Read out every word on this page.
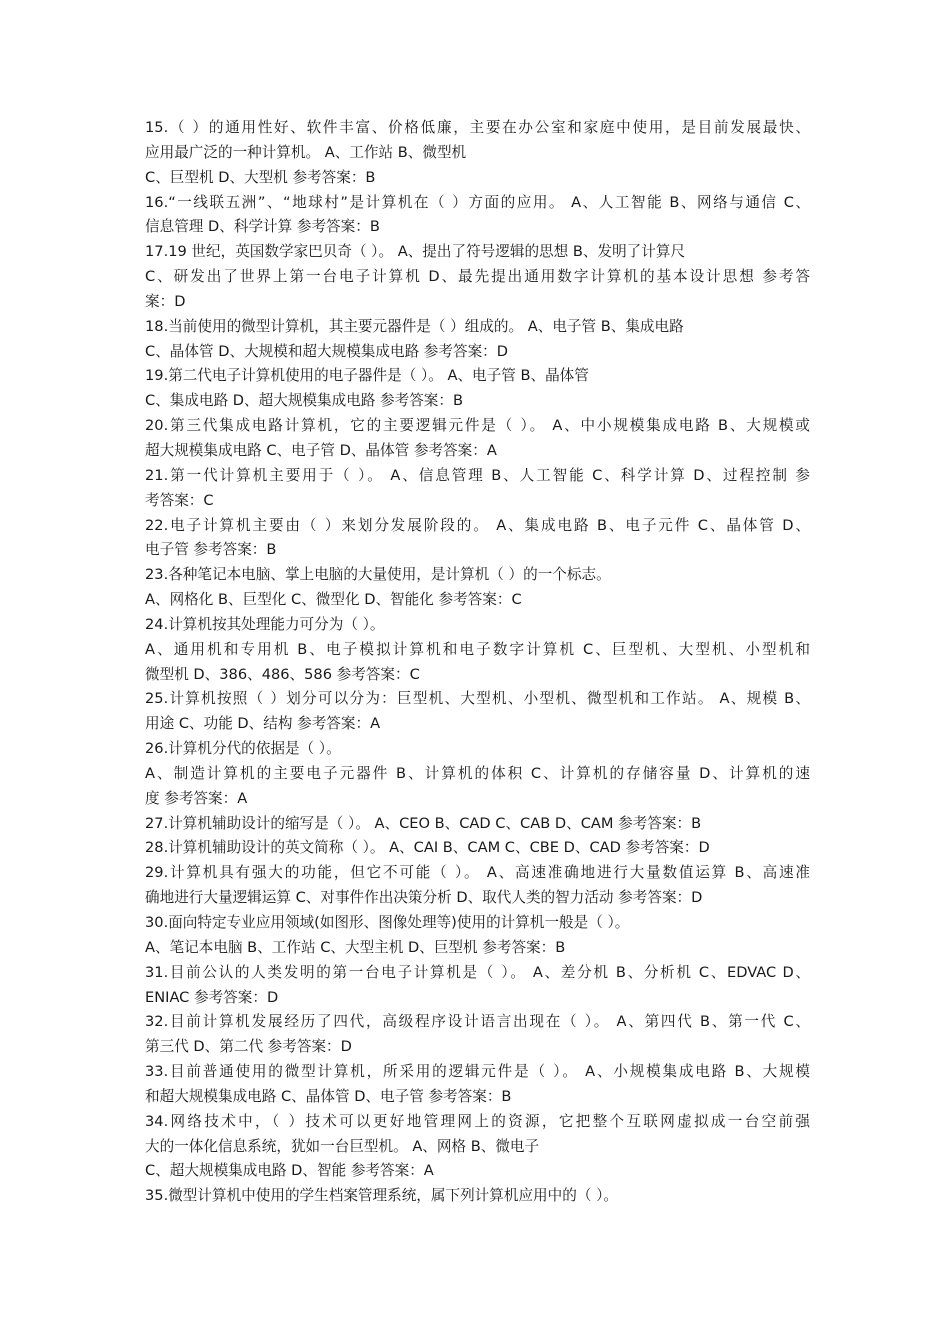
15.（ ）的通用性好、软件丰富、价格低廉，主要在办公室和家庭中使用，是目前发展最快、
应用最广泛的一种计算机。 A、工作站 B、微型机
C、巨型机 D、大型机 参考答案：B
16.“一线联五洲”、“地球村”是计算机在（ ）方面的应用。 A、人工智能 B、网络与通信 C、
信息管理 D、科学计算 参考答案：B
17.19 世纪，英国数学家巴贝奇（ ）。 A、提出了符号逻辑的思想 B、发明了计算尺
C、研发出了世界上第一台电子计算机 D、最先提出通用数字计算机的基本设计思想 参考答
案：D
18.当前使用的微型计算机，其主要元器件是（ ）组成的。 A、电子管 B、集成电路
C、晶体管 D、大规模和超大规模集成电路 参考答案：D
19.第二代电子计算机使用的电子器件是（ ）。 A、电子管 B、晶体管
C、集成电路 D、超大规模集成电路 参考答案：B
20.第三代集成电路计算机，它的主要逻辑元件是（ ）。 A、中小规模集成电路 B、大规模或
超大规模集成电路 C、电子管 D、晶体管 参考答案：A
21.第一代计算机主要用于（ ）。 A、信息管理 B、人工智能 C、科学计算 D、过程控制 参
考答案：C
22.电子计算机主要由（ ）来划分发展阶段的。 A、集成电路 B、电子元件 C、晶体管 D、
电子管 参考答案：B
23.各种笔记本电脑、掌上电脑的大量使用，是计算机（ ）的一个标志。
A、网格化 B、巨型化 C、微型化 D、智能化 参考答案：C
24.计算机按其处理能力可分为（ ）。
A、通用机和专用机 B、电子模拟计算机和电子数字计算机 C、巨型机、大型机、小型机和
微型机 D、386、486、586 参考答案：C
25.计算机按照（ ）划分可以分为：巨型机、大型机、小型机、微型机和工作站。 A、规模 B、
用途 C、功能 D、结构 参考答案：A
26.计算机分代的依据是（ ）。
A、制造计算机的主要电子元器件 B、计算机的体积 C、计算机的存储容量 D、计算机的速
度 参考答案：A
27.计算机辅助设计的缩写是（ ）。 A、CEO B、CAD C、CAB D、CAM 参考答案：B
28.计算机辅助设计的英文简称（ ）。 A、CAI B、CAM C、CBE D、CAD 参考答案：D
29.计算机具有强大的功能，但它不可能（ ）。 A、高速准确地进行大量数值运算 B、高速准
确地进行大量逻辑运算 C、对事件作出决策分析 D、取代人类的智力活动 参考答案：D
30.面向特定专业应用领域(如图形、图像处理等)使用的计算机一般是（ ）。
A、笔记本电脑 B、工作站 C、大型主机 D、巨型机 参考答案：B
31.目前公认的人类发明的第一台电子计算机是（ ）。 A、差分机 B、分析机 C、EDVAC D、
ENIAC 参考答案：D
32.目前计算机发展经历了四代，高级程序设计语言出现在（ ）。 A、第四代 B、第一代 C、
第三代 D、第二代 参考答案：D
33.目前普通使用的微型计算机，所采用的逻辑元件是（ ）。 A、小规模集成电路 B、大规模
和超大规模集成电路 C、晶体管 D、电子管 参考答案：B
34.网络技术中，（ ）技术可以更好地管理网上的资源，它把整个互联网虚拟成一台空前强
大的一体化信息系统，犹如一台巨型机。 A、网格 B、微电子
C、超大规模集成电路 D、智能 参考答案：A
35.微型计算机中使用的学生档案管理系统，属下列计算机应用中的（ ）。
